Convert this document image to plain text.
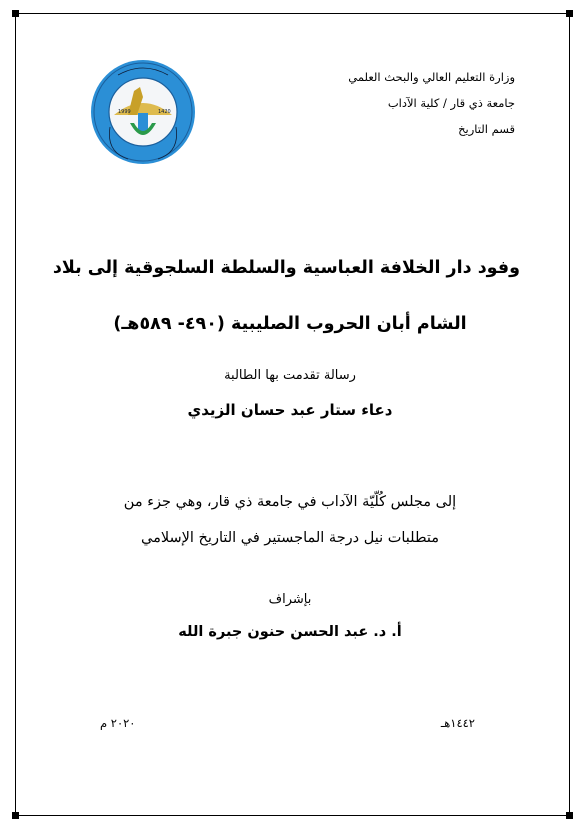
وزارة التعليم العالي والبحث العلمي
جامعة ذي قار / كلية الآداب
قسم التاريخ
1999	1420
وفود دار الخلافة العباسية والسلطة السلجوقية إلى بلاد
الشام أبان الحروب الصليبية (٤٩٠- ٥٨٩هـ)
رسالة تقدمت بها الطالبة
دعاء ستار عبد حسان الزيدي
إلى مجلس كُلّيّة الآداب في جامعة ذي قار، وهي جزء من
متطلبات نيل درجة الماجستير في التاريخ الإسلامي
بإشراف
أ. د. عبد الحسن حنون جبرة الله
١٤٤٢هـ
٢٠٢٠ م
